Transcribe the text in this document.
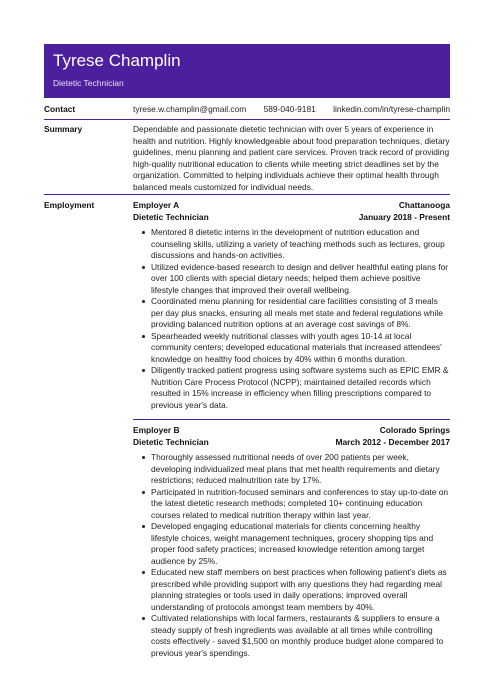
Tyrese Champlin
Dietetic Technician
Contact	tyrese.w.champlin@gmail.com 589-040-9181 linkedin.com/in/tyrese-champlin
Summary	Dependable and passionate dietetic technician with over 5 years of experience in health and nutrition. Highly knowledgeable about food preparation techniques, dietary guidelines, menu planning and patient care services. Proven track record of providing high-quality nutritional education to clients while meeting strict deadlines set by the organization. Committed to helping individuals achieve their optimal health through balanced meals customized for individual needs.
Employment	Employer A	Chattanooga
Dietetic Technician	January 2018 - Present
Mentored 8 dietetic interns in the development of nutrition education and counseling skills, utilizing a variety of teaching methods such as lectures, group discussions and hands-on activities.
Utilized evidence-based research to design and deliver healthful eating plans for over 100 clients with special dietary needs; helped them achieve positive lifestyle changes that improved their overall wellbeing.
Coordinated menu planning for residential care facilities consisting of 3 meals per day plus snacks, ensuring all meals met state and federal regulations while providing balanced nutrition options at an average cost savings of 8%.
Spearheaded weekly nutritional classes with youth ages 10-14 at local community centers; developed educational materials that increased attendees' knowledge on healthy food choices by 40% within 6 months duration.
Diligently tracked patient progress using software systems such as EPIC EMR & Nutrition Care Process Protocol (NCPP); maintained detailed records which resulted in 15% increase in efficiency when filling prescriptions compared to previous year's data.
Employer B	Colorado Springs
Dietetic Technician	March 2012 - December 2017
Thoroughly assessed nutritional needs of over 200 patients per week, developing individualized meal plans that met health requirements and dietary restrictions; reduced malnutrition rate by 17%.
Participated in nutrition-focused seminars and conferences to stay up-to-date on the latest dietetic research methods; completed 10+ continuing education courses related to medical nutrition therapy within last year.
Developed engaging educational materials for clients concerning healthy lifestyle choices, weight management techniques, grocery shopping tips and proper food safety practices; increased knowledge retention among target audience by 25%.
Educated new staff members on best practices when following patient's diets as prescribed while providing support with any questions they had regarding meal planning strategies or tools used in daily operations; improved overall understanding of protocols amongst team members by 40%.
Cultivated relationships with local farmers, restaurants & suppliers to ensure a steady supply of fresh ingredients was available at all times while controlling costs effectively - saved $1,500 on monthly produce budget alone compared to previous year's spendings.
